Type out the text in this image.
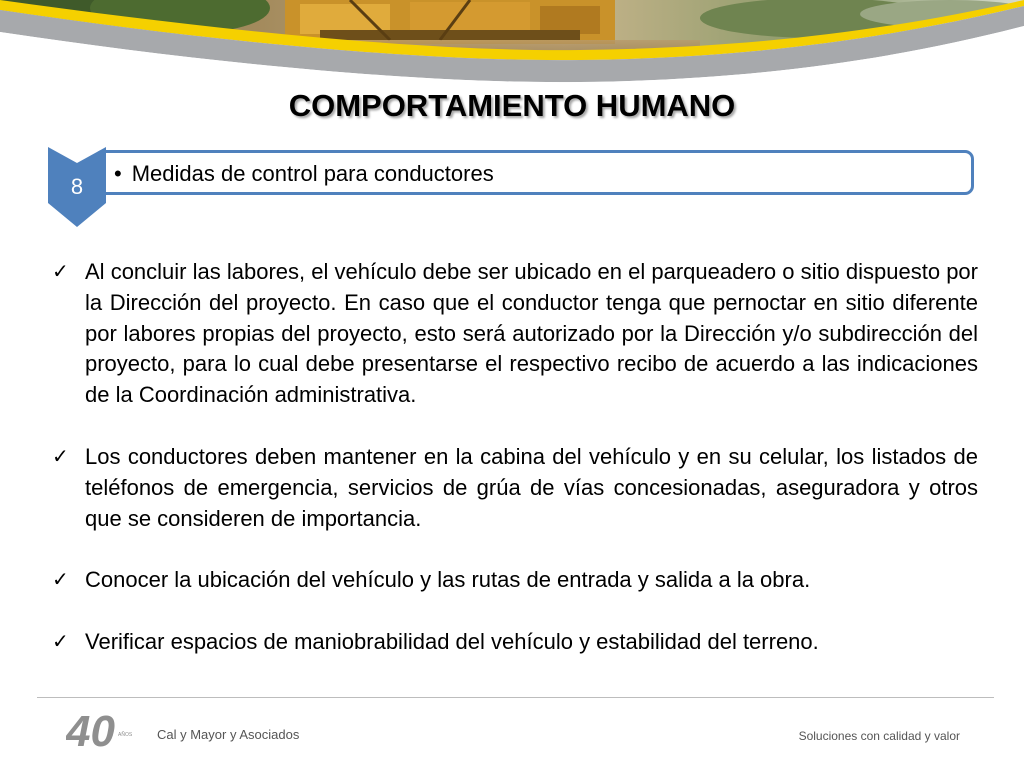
COMPORTAMIENTO HUMANO
• Medidas de control para conductores
8
✓ Al concluir las labores, el vehículo debe ser ubicado en el parqueadero o sitio dispuesto por la Dirección del proyecto. En caso que el conductor tenga que pernoctar en sitio diferente por labores propias del proyecto, esto será autorizado por la Dirección y/o subdirección del proyecto, para lo cual debe presentarse el respectivo recibo de acuerdo a las indicaciones de la Coordinación administrativa.
✓ Los conductores deben mantener en la cabina del vehículo y en su celular, los listados de teléfonos de emergencia, servicios de grúa de vías concesionadas, aseguradora y otros que se consideren de importancia.
✓ Conocer la ubicación del vehículo y las rutas de entrada y salida a la obra.
✓ Verificar espacios de maniobrabilidad del vehículo y estabilidad del terreno.
40 AÑOS Cal y Mayor y Asociados	Soluciones con calidad y valor
